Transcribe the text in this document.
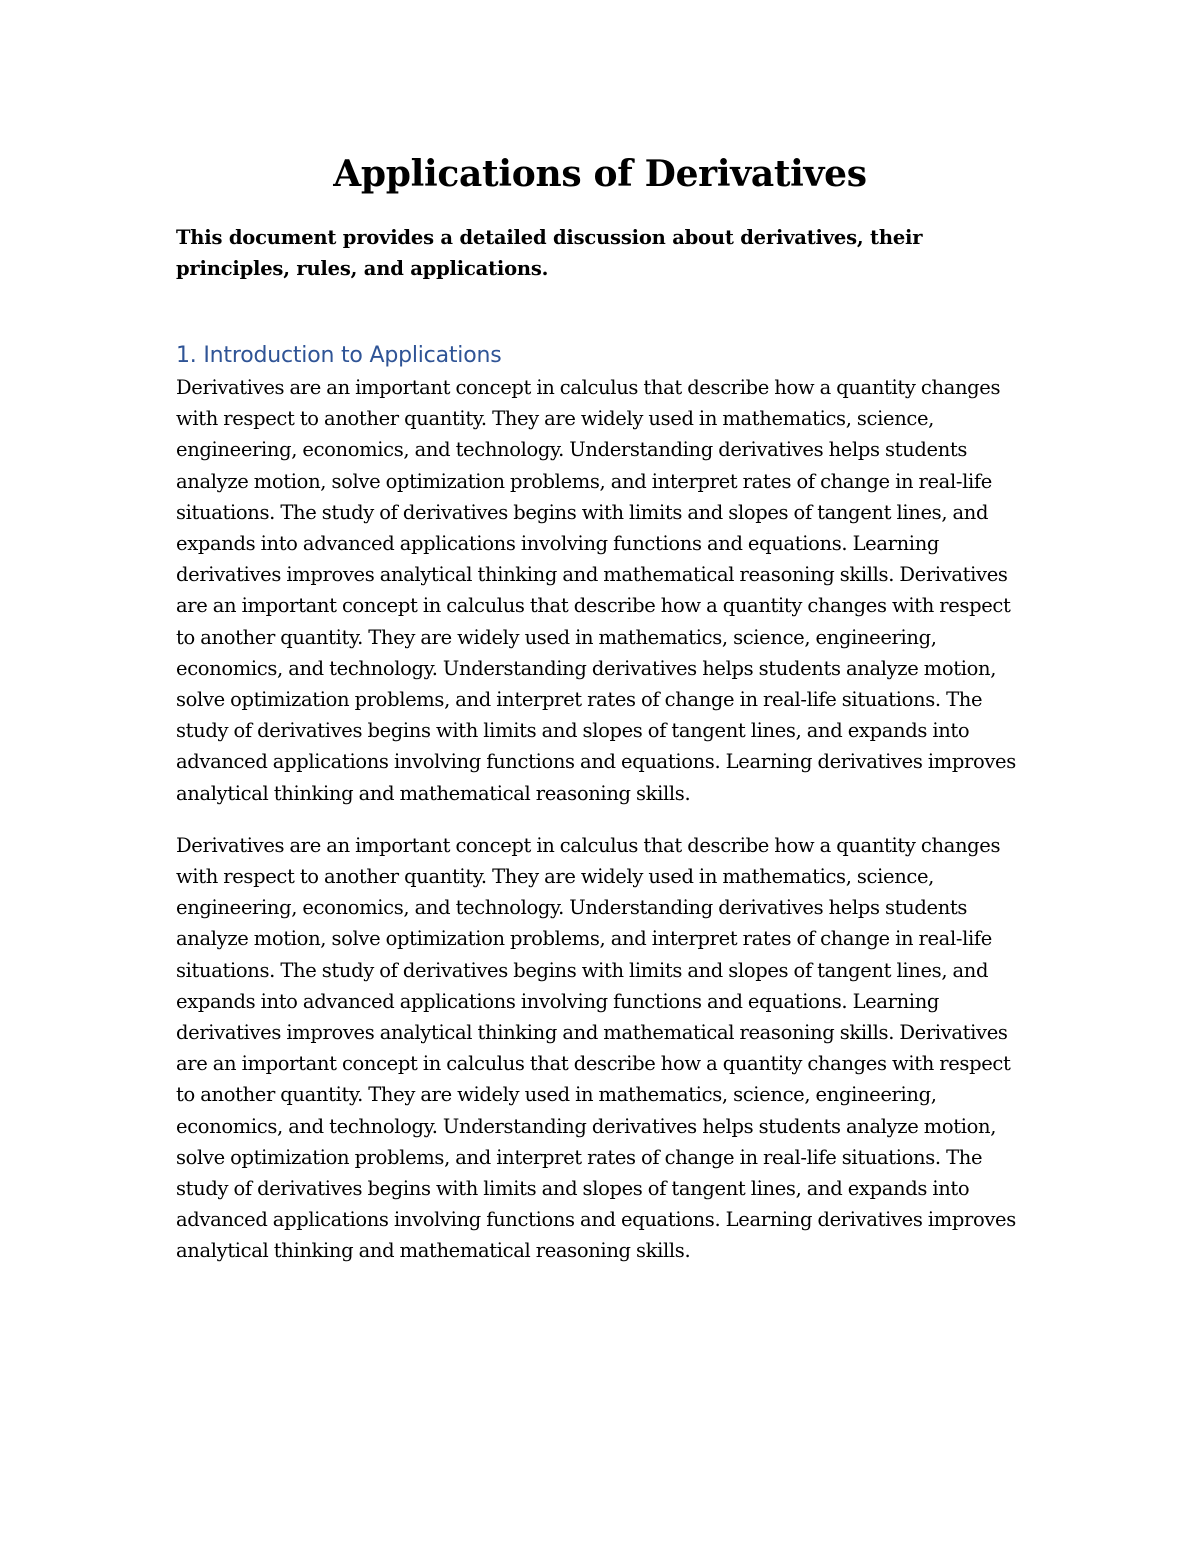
Applications of Derivatives

This document provides a detailed discussion about derivatives, their principles, rules, and applications.

1. Introduction to Applications

Derivatives are an important concept in calculus that describe how a quantity changes with respect to another quantity. They are widely used in mathematics, science, engineering, economics, and technology. Understanding derivatives helps students analyze motion, solve optimization problems, and interpret rates of change in real-life situations. The study of derivatives begins with limits and slopes of tangent lines, and expands into advanced applications involving functions and equations. Learning derivatives improves analytical thinking and mathematical reasoning skills. Derivatives are an important concept in calculus that describe how a quantity changes with respect to another quantity. They are widely used in mathematics, science, engineering, economics, and technology. Understanding derivatives helps students analyze motion, solve optimization problems, and interpret rates of change in real-life situations. The study of derivatives begins with limits and slopes of tangent lines, and expands into advanced applications involving functions and equations. Learning derivatives improves analytical thinking and mathematical reasoning skills.

Derivatives are an important concept in calculus that describe how a quantity changes with respect to another quantity. They are widely used in mathematics, science, engineering, economics, and technology. Understanding derivatives helps students analyze motion, solve optimization problems, and interpret rates of change in real-life situations. The study of derivatives begins with limits and slopes of tangent lines, and expands into advanced applications involving functions and equations. Learning derivatives improves analytical thinking and mathematical reasoning skills. Derivatives are an important concept in calculus that describe how a quantity changes with respect to another quantity. They are widely used in mathematics, science, engineering, economics, and technology. Understanding derivatives helps students analyze motion, solve optimization problems, and interpret rates of change in real-life situations. The study of derivatives begins with limits and slopes of tangent lines, and expands into advanced applications involving functions and equations. Learning derivatives improves analytical thinking and mathematical reasoning skills.
